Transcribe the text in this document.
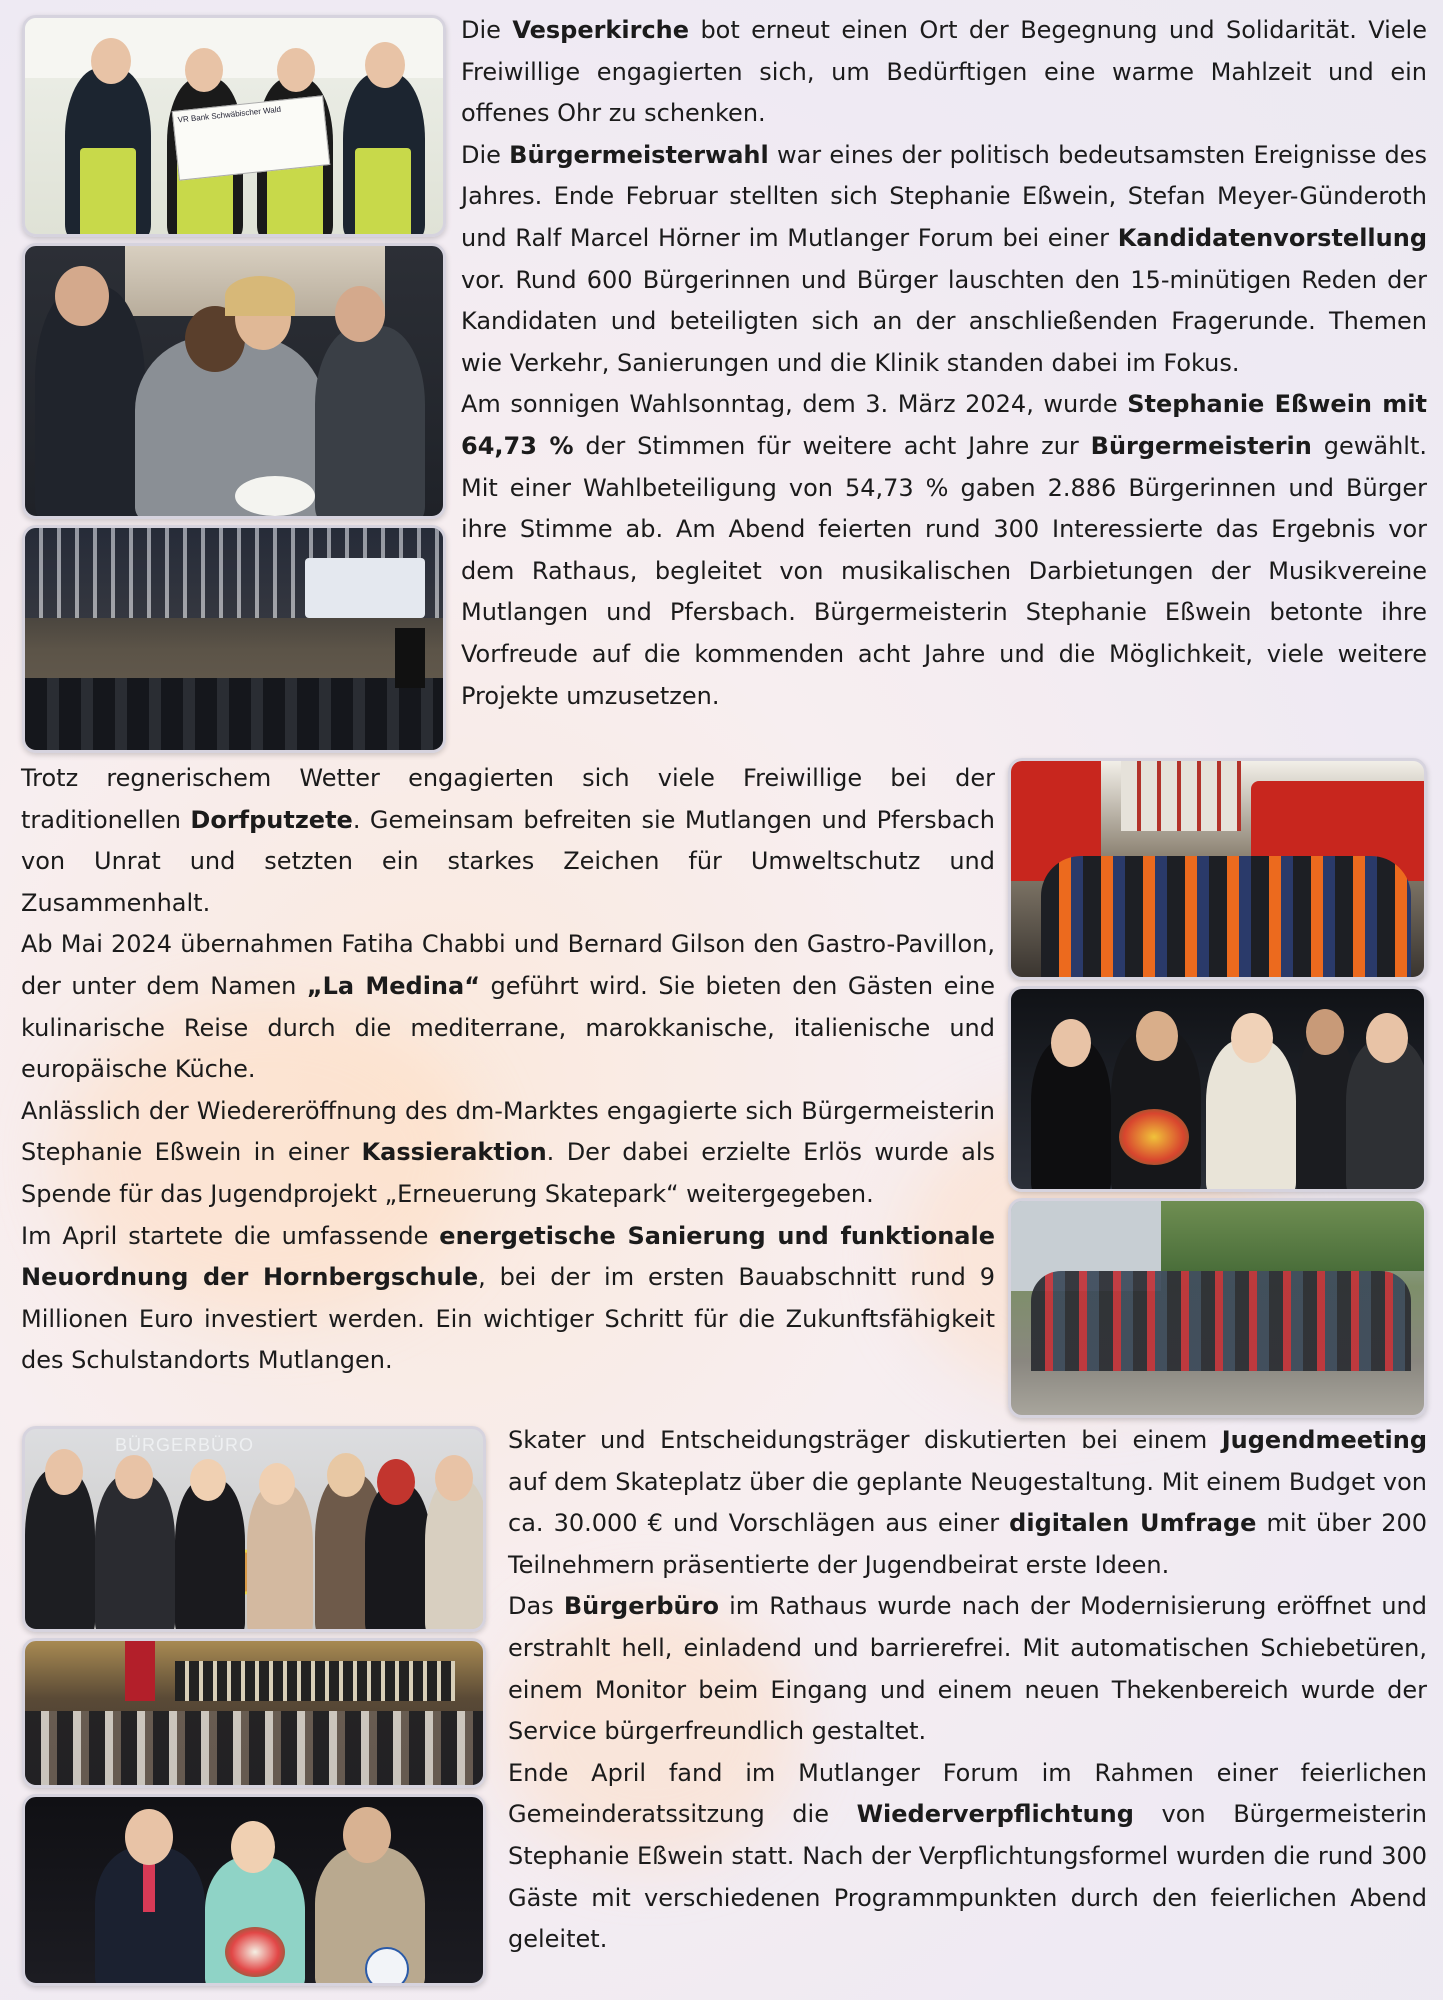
VR Bank Schwäbischer Wald

Die Vesperkirche bot erneut einen Ort der Begegnung und Solidarität. Viele Freiwillige engagierten sich, um Bedürftigen eine warme Mahlzeit und ein offenes Ohr zu schenken.

Die Bürgermeisterwahl war eines der politisch bedeutsamsten Ereignisse des Jahres. Ende Februar stellten sich Stephanie Eßwein, Stefan Meyer-Günderoth und Ralf Marcel Hörner im Mutlanger Forum bei einer Kandidatenvorstellung vor. Rund 600 Bürgerinnen und Bürger lauschten den 15-minütigen Reden der Kandidaten und beteiligten sich an der anschließenden Fragerunde. Themen wie Verkehr, Sanierungen und die Klinik standen dabei im Fokus.

Am sonnigen Wahlsonntag, dem 3. März 2024, wurde Stephanie Eßwein mit 64,73 % der Stimmen für weitere acht Jahre zur Bürgermeisterin gewählt. Mit einer Wahlbeteiligung von 54,73 % gaben 2.886 Bürgerinnen und Bürger ihre Stimme ab. Am Abend feierten rund 300 Interessierte das Ergebnis vor dem Rathaus, begleitet von musikalischen Darbietungen der Musikvereine Mutlangen und Pfersbach. Bürgermeisterin Stephanie Eßwein betonte ihre Vorfreude auf die kommenden acht Jahre und die Möglichkeit, viele weitere Projekte umzusetzen.

Trotz regnerischem Wetter engagierten sich viele Freiwillige bei der traditionellen Dorfputzete. Gemeinsam befreiten sie Mutlangen und Pfersbach von Unrat und setzten ein starkes Zeichen für Umweltschutz und Zusammenhalt.

Ab Mai 2024 übernahmen Fatiha Chabbi und Bernard Gilson den Gastro-Pavillon, der unter dem Namen „La Medina“ geführt wird. Sie bieten den Gästen eine kulinarische Reise durch die mediterrane, marokkanische, italienische und europäische Küche.

Anlässlich der Wiedereröffnung des dm-Marktes engagierte sich Bürgermeisterin Stephanie Eßwein in einer Kassieraktion. Der dabei erzielte Erlös wurde als Spende für das Jugendprojekt „Erneuerung Skatepark“ weitergegeben.

Im April startete die umfassende energetische Sanierung und funktionale Neuordnung der Hornbergschule, bei der im ersten Bauabschnitt rund 9 Millionen Euro investiert werden. Ein wichtiger Schritt für die Zukunftsfähigkeit des Schulstandorts Mutlangen.

BÜRGERBÜRO	Skater und Entscheidungsträger diskutierten bei einem Jugendmeeting auf dem Skateplatz über die geplante Neugestaltung. Mit einem Budget von ca. 30.000 € und Vorschlägen aus einer digitalen Umfrage mit über 200 Teilnehmern präsentierte der Jugendbeirat erste Ideen.

Das Bürgerbüro im Rathaus wurde nach der Modernisierung eröffnet und erstrahlt hell, einladend und barrierefrei. Mit automatischen Schiebetüren, einem Monitor beim Eingang und einem neuen Thekenbereich wurde der Service bürgerfreundlich gestaltet.

Ende April fand im Mutlanger Forum im Rahmen einer feierlichen Gemeinderatssitzung die Wiederverpflichtung von Bürgermeisterin Stephanie Eßwein statt. Nach der Verpflichtungsformel wurden die rund 300 Gäste mit verschiedenen Programmpunkten durch den feierlichen Abend geleitet.
